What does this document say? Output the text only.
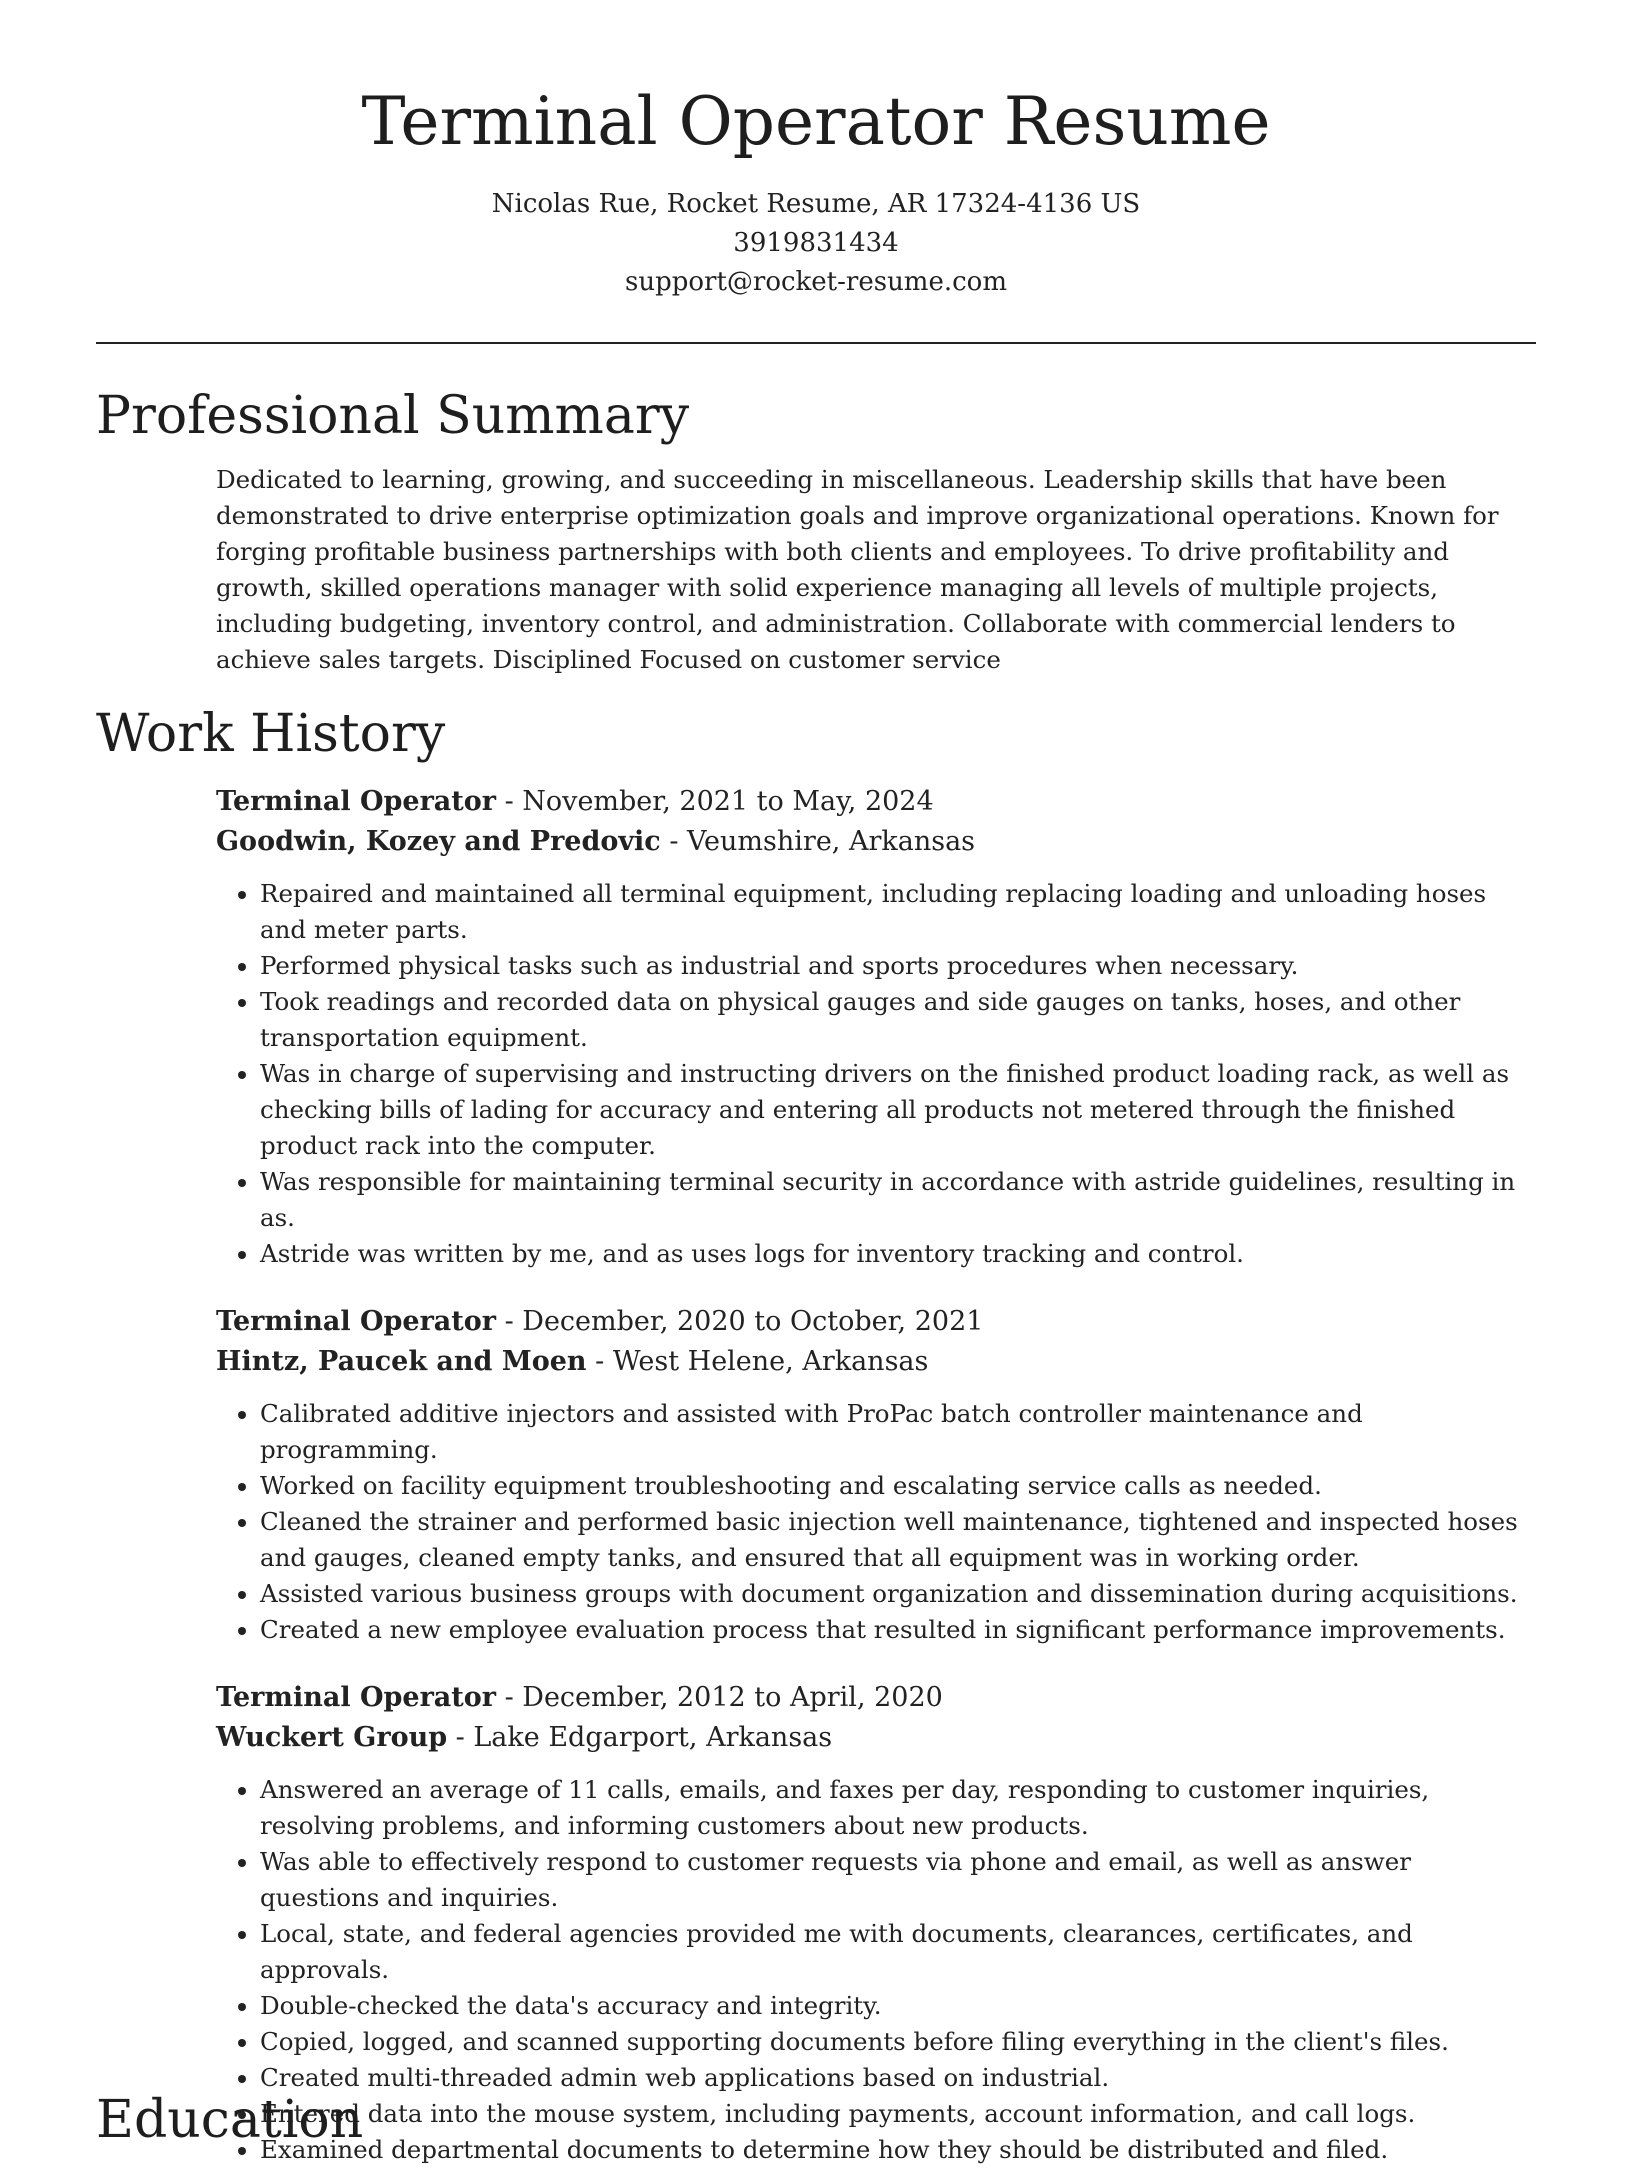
Terminal Operator Resume
Nicolas Rue, Rocket Resume, AR 17324-4136 US
3919831434
support@rocket-resume.com
Professional Summary

Dedicated to learning, growing, and succeeding in miscellaneous. Leadership skills that have been demonstrated to drive enterprise optimization goals and improve organizational operations. Known for forging profitable business partnerships with both clients and employees. To drive profitability and growth, skilled operations manager with solid experience managing all levels of multiple projects, including budgeting, inventory control, and administration. Collaborate with commercial lenders to achieve sales targets. Disciplined Focused on customer service

Work History

Terminal Operator - November, 2021 to May, 2024

Goodwin, Kozey and Predovic - Veumshire, Arkansas

• Repaired and maintained all terminal equipment, including replacing loading and unloading hoses and meter parts.
• Performed physical tasks such as industrial and sports procedures when necessary.
• Took readings and recorded data on physical gauges and side gauges on tanks, hoses, and other transportation equipment.
• Was in charge of supervising and instructing drivers on the finished product loading rack, as well as checking bills of lading for accuracy and entering all products not metered through the finished product rack into the computer.
• Was responsible for maintaining terminal security in accordance with astride guidelines, resulting in as.
• Astride was written by me, and as uses logs for inventory tracking and control.

Terminal Operator - December, 2020 to October, 2021

Hintz, Paucek and Moen - West Helene, Arkansas

• Calibrated additive injectors and assisted with ProPac batch controller maintenance and programming.
• Worked on facility equipment troubleshooting and escalating service calls as needed.
• Cleaned the strainer and performed basic injection well maintenance, tightened and inspected hoses and gauges, cleaned empty tanks, and ensured that all equipment was in working order.
• Assisted various business groups with document organization and dissemination during acquisitions.
• Created a new employee evaluation process that resulted in significant performance improvements.

Terminal Operator - December, 2012 to April, 2020

Wuckert Group - Lake Edgarport, Arkansas

• Answered an average of 11 calls, emails, and faxes per day, responding to customer inquiries, resolving problems, and informing customers about new products.
• Was able to effectively respond to customer requests via phone and email, as well as answer questions and inquiries.
• Local, state, and federal agencies provided me with documents, clearances, certificates, and approvals.
• Double-checked the data's accuracy and integrity.
• Copied, logged, and scanned supporting documents before filing everything in the client's files.
• Created multi-threaded admin web applications based on industrial.
• Entered data into the mouse system, including payments, account information, and call logs.
• Examined departmental documents to determine how they should be distributed and filed.
Education
